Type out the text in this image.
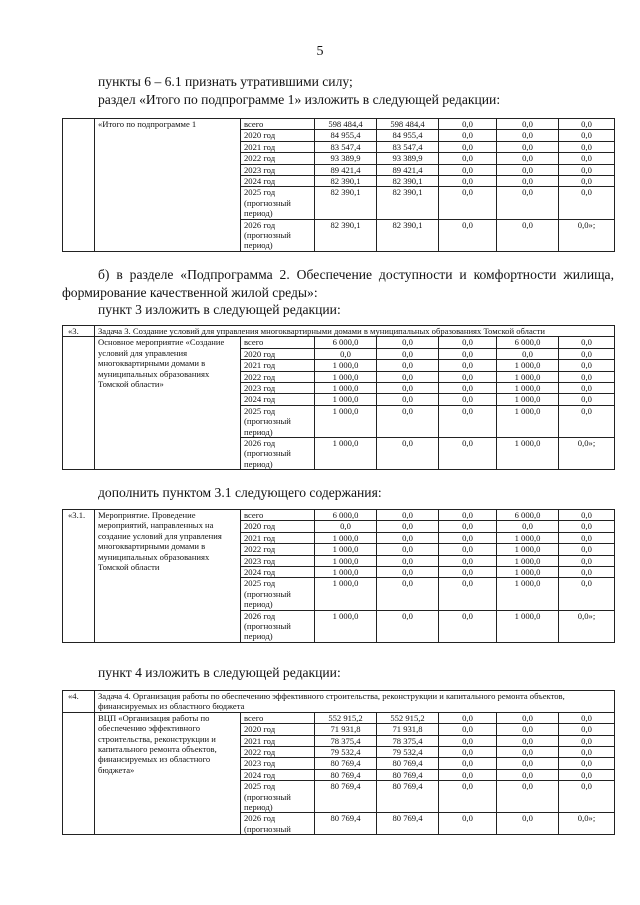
5
пункты 6 – 6.1 признать утратившими силу;
раздел «Итого по подпрограмме 1» изложить в следующей редакции:
	«Итого по подпрограмме 1	всего	598 484,4	598 484,4	0,0	0,0	0,0
		2020 год	84 955,4	84 955,4	0,0	0,0	0,0
		2021 год	83 547,4	83 547,4	0,0	0,0	0,0
		2022 год	93 389,9	93 389,9	0,0	0,0	0,0
		2023 год	89 421,4	89 421,4	0,0	0,0	0,0
		2024 год	82 390,1	82 390,1	0,0	0,0	0,0
		2025 год (прогнозный период)	82 390,1	82 390,1	0,0	0,0	0,0
		2026 год (прогнозный период)	82 390,1	82 390,1	0,0	0,0	0,0»;
б) в разделе «Подпрограмма 2. Обеспечение доступности и комфортности жилища, формирование качественной жилой среды»:
пункт 3 изложить в следующей редакции:
«3.	Задача 3. Создание условий для управления многоквартирными домами в муниципальных образованиях Томской области						
	Основное мероприятие «Создание условий для управления многоквартирными домами в муниципальных образованиях Томской области»	всего	6 000,0	0,0	0,0	6 000,0	0,0
		2020 год	0,0	0,0	0,0	0,0	0,0
		2021 год	1 000,0	0,0	0,0	1 000,0	0,0
		2022 год	1 000,0	0,0	0,0	1 000,0	0,0
		2023 год	1 000,0	0,0	0,0	1 000,0	0,0
		2024 год	1 000,0	0,0	0,0	1 000,0	0,0
		2025 год (прогнозный период)	1 000,0	0,0	0,0	1 000,0	0,0
		2026 год (прогнозный период)	1 000,0	0,0	0,0	1 000,0	0,0»;
дополнить пунктом 3.1 следующего содержания:
«3.1.	Мероприятие. Проведение мероприятий, направленных на создание условий для управления многоквартирными домами в муниципальных образованиях Томской области	всего	6 000,0	0,0	0,0	6 000,0	0,0
		2020 год	0,0	0,0	0,0	0,0	0,0
		2021 год	1 000,0	0,0	0,0	1 000,0	0,0
		2022 год	1 000,0	0,0	0,0	1 000,0	0,0
		2023 год	1 000,0	0,0	0,0	1 000,0	0,0
		2024 год	1 000,0	0,0	0,0	1 000,0	0,0
		2025 год (прогнозный период)	1 000,0	0,0	0,0	1 000,0	0,0
		2026 год (прогнозный период)	1 000,0	0,0	0,0	1 000,0	0,0»;
пункт 4 изложить в следующей редакции:
«4.	Задача 4. Организация работы по обеспечению эффективного строительства, реконструкции и капитального ремонта объектов, финансируемых из областного бюджета						
	ВЦП «Организация работы по обеспечению эффективного строительства, реконструкции и капитального ремонта объектов, финансируемых из областного бюджета»	всего	552 915,2	552 915,2	0,0	0,0	0,0
		2020 год	71 931,8	71 931,8	0,0	0,0	0,0
		2021 год	78 375,4	78 375,4	0,0	0,0	0,0
		2022 год	79 532,4	79 532,4	0,0	0,0	0,0
		2023 год	80 769,4	80 769,4	0,0	0,0	0,0
		2024 год	80 769,4	80 769,4	0,0	0,0	0,0
		2025 год (прогнозный период)	80 769,4	80 769,4	0,0	0,0	0,0
		2026 год (прогнозный	80 769,4	80 769,4	0,0	0,0	0,0»;
